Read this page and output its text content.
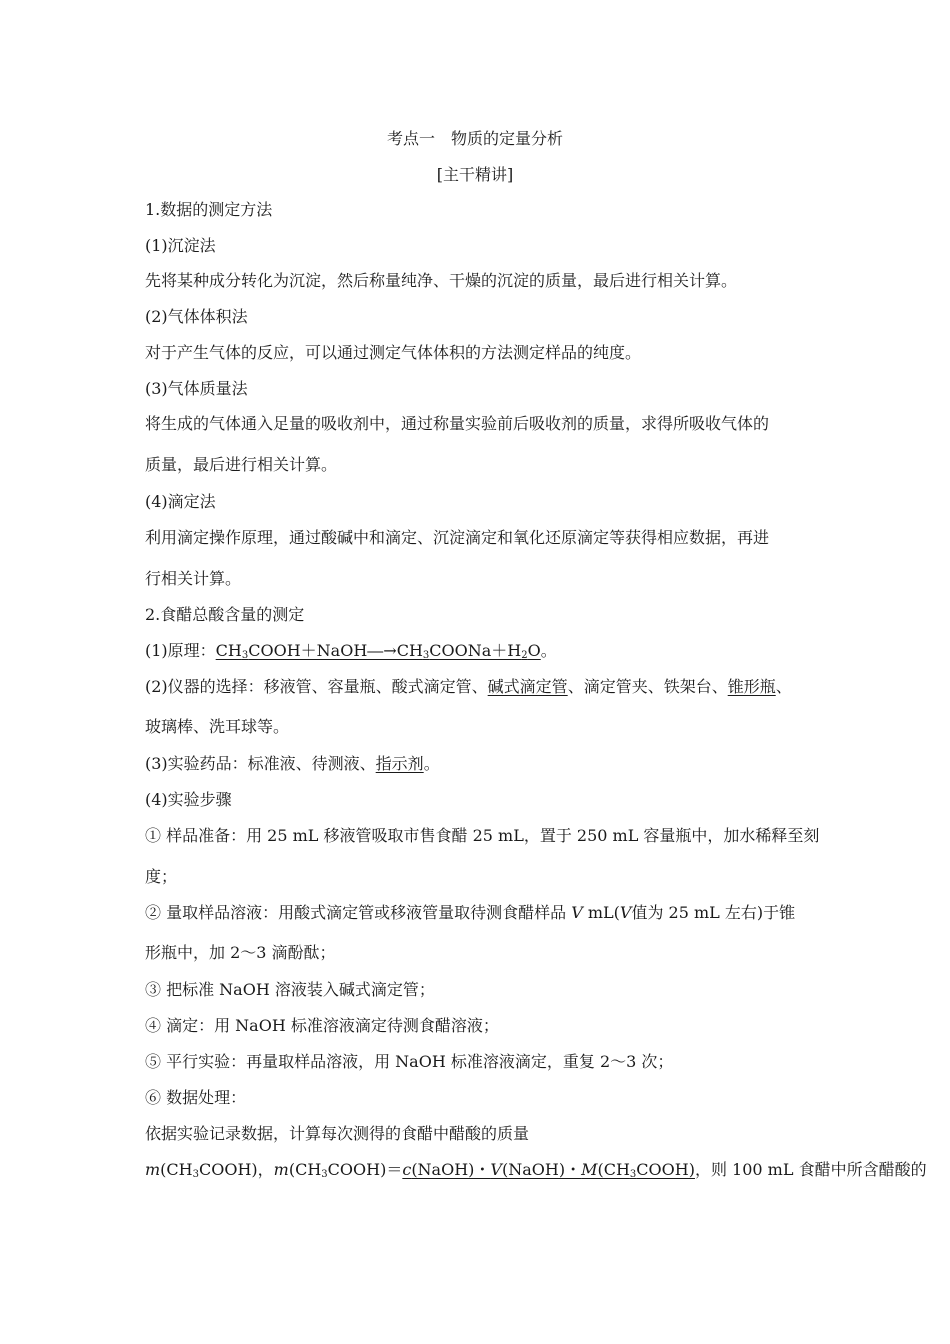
考点一　物质的定量分析
[主干精讲]
1.数据的测定方法
(1)沉淀法
先将某种成分转化为沉淀，然后称量纯净、干燥的沉淀的质量，最后进行相关计算。
(2)气体体积法
对于产生气体的反应，可以通过测定气体体积的方法测定样品的纯度。
(3)气体质量法
将生成的气体通入足量的吸收剂中，通过称量实验前后吸收剂的质量，求得所吸收气体的
质量，最后进行相关计算。
(4)滴定法
利用滴定操作原理，通过酸碱中和滴定、沉淀滴定和氧化还原滴定等获得相应数据，再进
行相关计算。
2.食醋总酸含量的测定
(1)原理：$CH_3COOH+NaOH―\to CH_3COONa+H_2O$。
(2)仪器的选择：移液管、容量瓶、酸式滴定管、碱式滴定管、滴定管夹、铁架台、锥形瓶、
玻璃棒、洗耳球等。
(3)实验药品：标准液、待测液、指示剂。
(4)实验步骤
① 样品准备：用 25 mL 移液管吸取市售食醋 25 mL，置于 250 mL 容量瓶中，加水稀释至刻
度；
② 量取样品溶液：用酸式滴定管或移液管量取待测食醋样品 V mL(V值为 25 mL 左右)于锥
形瓶中，加 2～3 滴酚酞；
③ 把标准 NaOH 溶液装入碱式滴定管；
④ 滴定：用 NaOH 标准溶液滴定待测食醋溶液；
⑤ 平行实验：再量取样品溶液，用 NaOH 标准溶液滴定，重复 2～3 次；
⑥ 数据处理：
依据实验记录数据，计算每次测得的食醋中醋酸的质量
$m(CH_3COOH)$，$m(CH_3COOH)=c(NaOH)$・V(NaOH)・$M(CH_3COOH)$，则 100 mL 食醋中所含醋酸的
